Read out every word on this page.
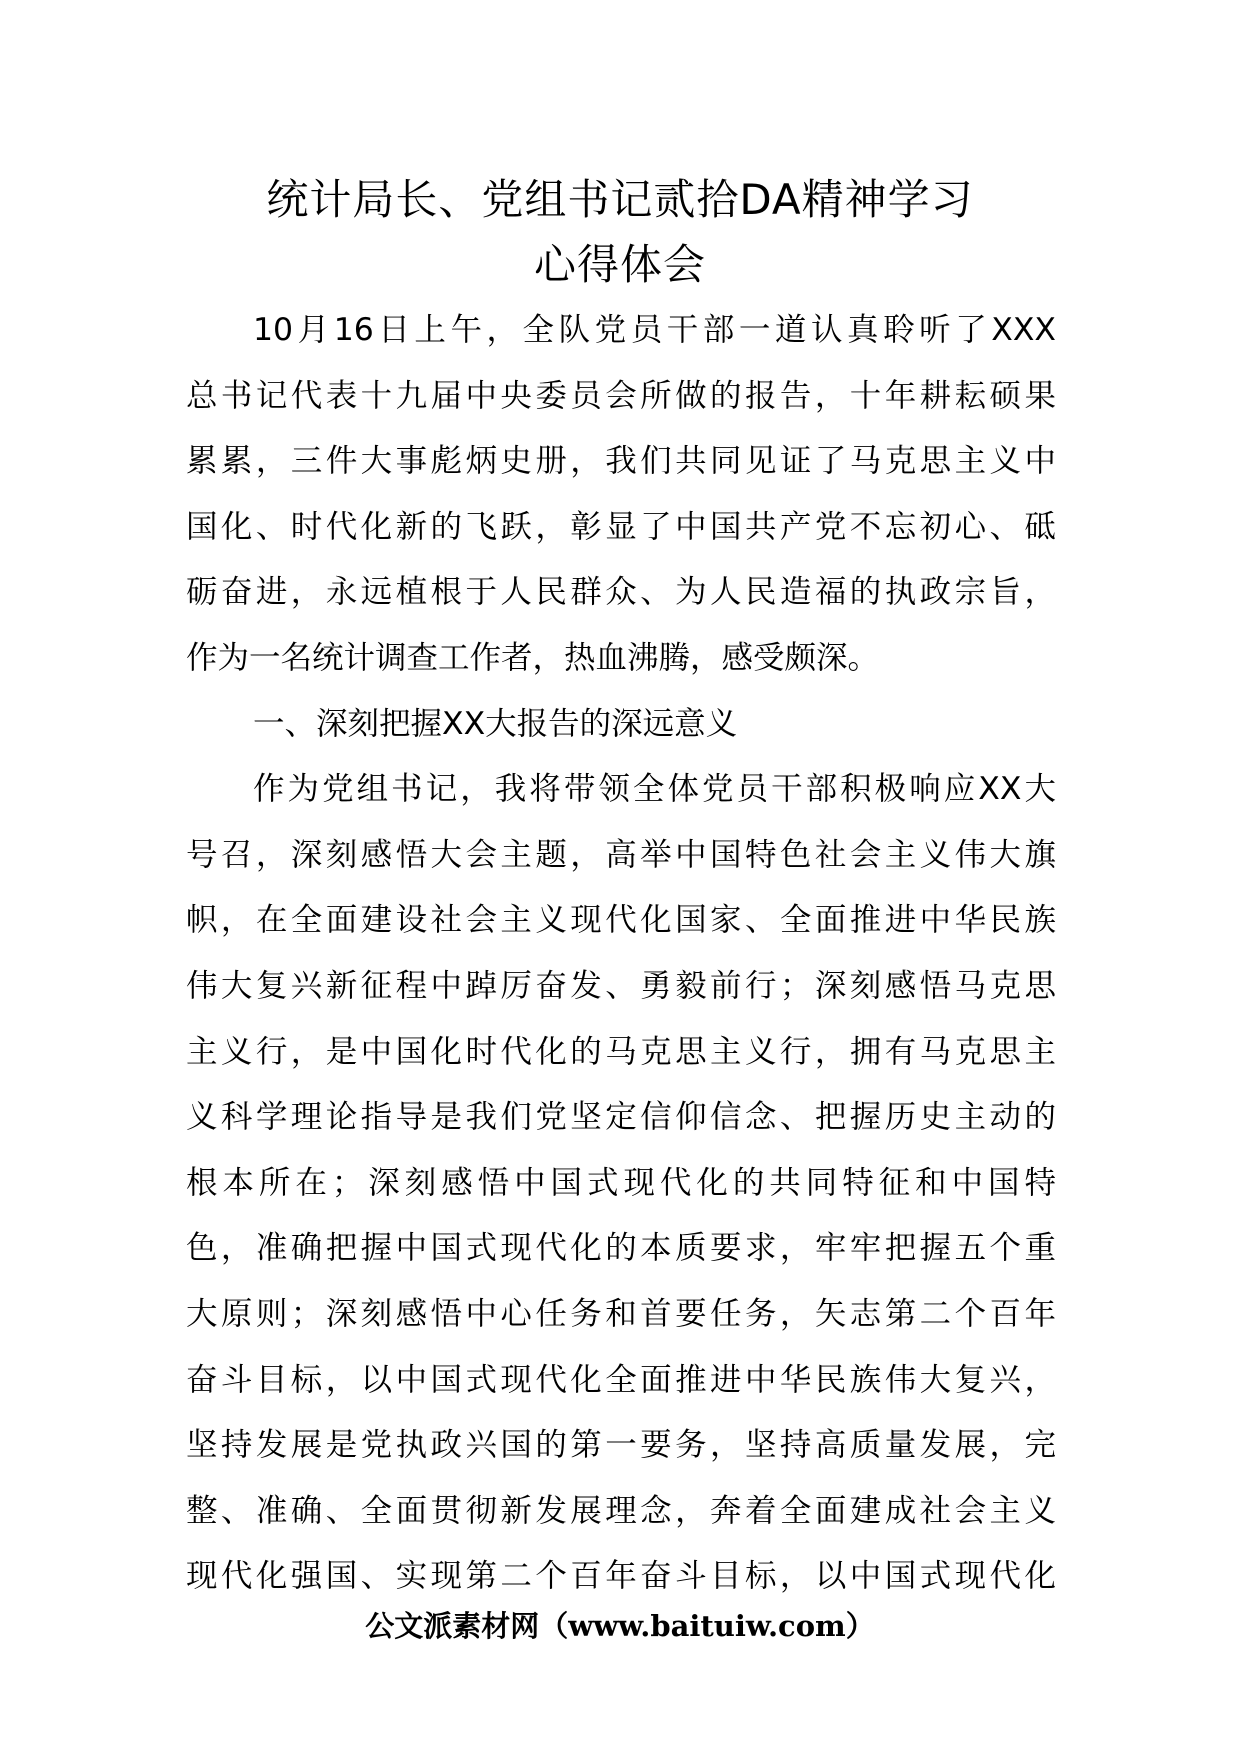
统计局长、党组书记贰拾DA精神学习
心得体会
10月16日上午，全队党员干部一道认真聆听了XXX
总书记代表十九届中央委员会所做的报告，十年耕耘硕果
累累，三件大事彪炳史册，我们共同见证了马克思主义中
国化、时代化新的飞跃，彰显了中国共产党不忘初心、砥
砺奋进，永远植根于人民群众、为人民造福的执政宗旨，
作为一名统计调查工作者，热血沸腾，感受颇深。
一、深刻把握XX大报告的深远意义
作为党组书记，我将带领全体党员干部积极响应XX大
号召，深刻感悟大会主题，高举中国特色社会主义伟大旗
帜，在全面建设社会主义现代化国家、全面推进中华民族
伟大复兴新征程中踔厉奋发、勇毅前行；深刻感悟马克思
主义行，是中国化时代化的马克思主义行，拥有马克思主
义科学理论指导是我们党坚定信仰信念、把握历史主动的
根本所在；深刻感悟中国式现代化的共同特征和中国特
色，准确把握中国式现代化的本质要求，牢牢把握五个重
大原则；深刻感悟中心任务和首要任务，矢志第二个百年
奋斗目标，以中国式现代化全面推进中华民族伟大复兴，
坚持发展是党执政兴国的第一要务，坚持高质量发展，完
整、准确、全面贯彻新发展理念，奔着全面建成社会主义
现代化强国、实现第二个百年奋斗目标，以中国式现代化
公文派素材网（www.baituiw.com）
